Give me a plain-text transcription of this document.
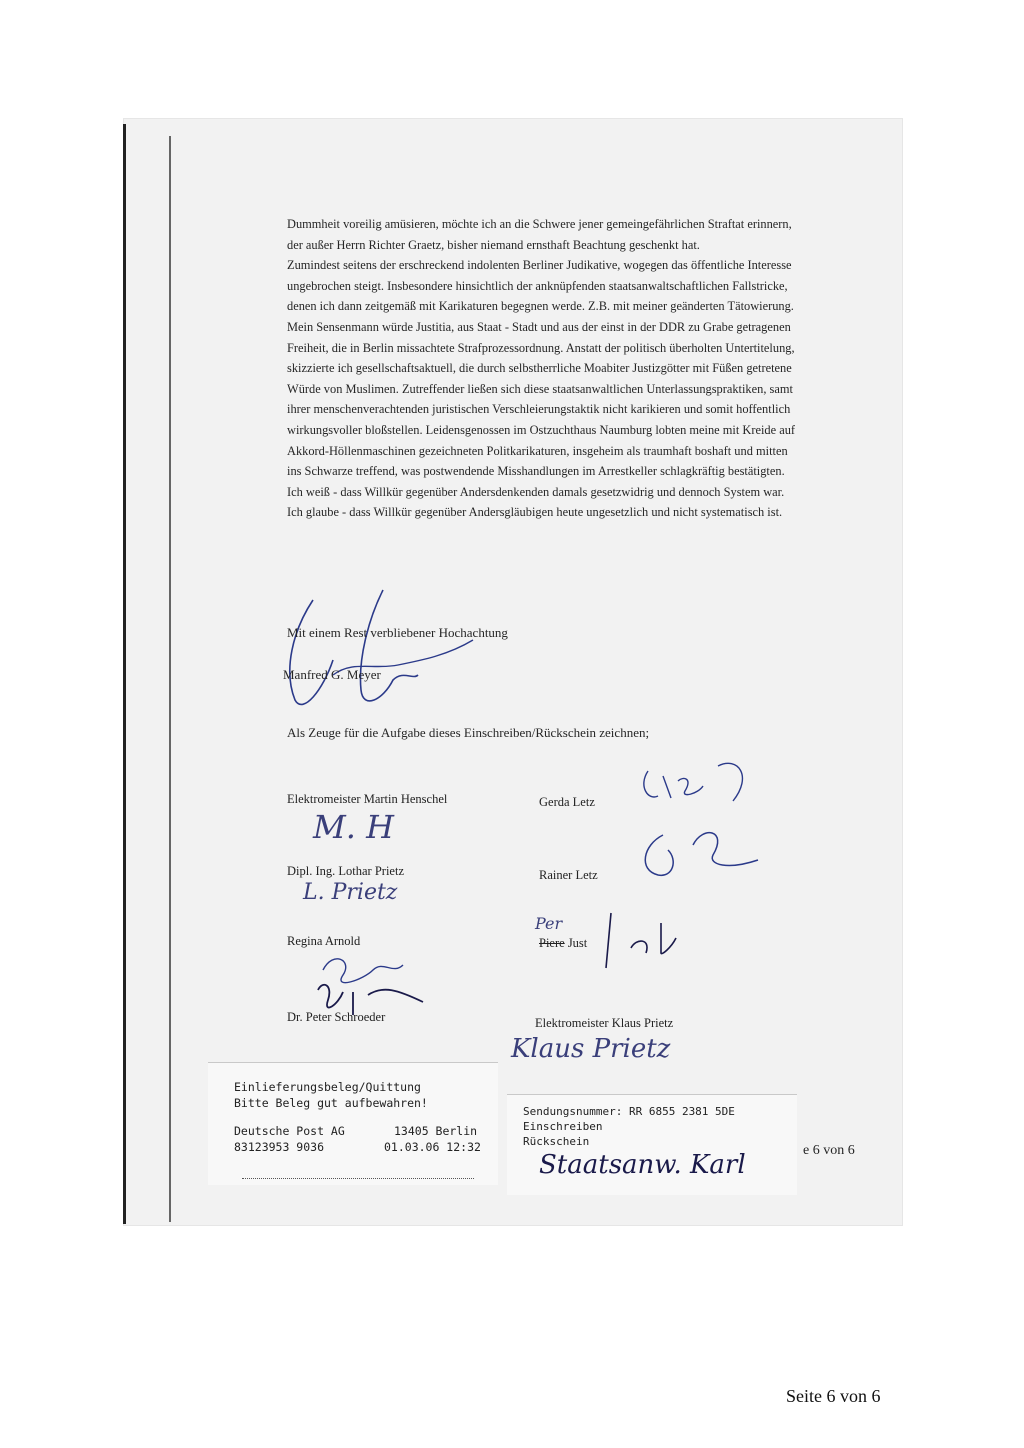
Dummheit voreilig amüsieren, möchte ich an die Schwere jener gemeingefährlichen Straftat erinnern,

der außer Herrn Richter Graetz, bisher niemand ernsthaft Beachtung geschenkt hat.

Zumindest seitens der erschreckend indolenten Berliner Judikative, wogegen das öffentliche Interesse

ungebrochen steigt. Insbesondere hinsichtlich der anknüpfenden staatsanwaltschaftlichen Fallstricke,

denen ich dann zeitgemäß mit Karikaturen begegnen werde. Z.B. mit meiner geänderten Tätowierung.

Mein Sensenmann würde Justitia, aus Staat - Stadt und aus der einst in der DDR zu Grabe getragenen

Freiheit, die in Berlin missachtete Strafprozessordnung. Anstatt der politisch überholten Untertitelung,

skizzierte ich gesellschaftsaktuell, die durch selbstherrliche Moabiter Justizgötter mit Füßen getretene

Würde von Muslimen. Zutreffender ließen sich diese staatsanwaltlichen Unterlassungspraktiken, samt

ihrer menschenverachtenden juristischen Verschleierungstaktik nicht karikieren und somit hoffentlich

wirkungsvoller bloßstellen. Leidensgenossen im Ostzuchthaus Naumburg lobten meine mit Kreide auf

Akkord-Höllenmaschinen gezeichneten Politkarikaturen, insgeheim als traumhaft boshaft und mitten

ins Schwarze treffend, was postwendende Misshandlungen im Arrestkeller schlagkräftig bestätigten.

Ich weiß - dass Willkür gegenüber Andersdenkenden damals gesetzwidrig und dennoch System war.

Ich glaube - dass Willkür gegenüber Andersgläubigen heute ungesetzlich und nicht systematisch ist.

Mit einem Rest verbliebener Hochachtung
Manfred G. Meyer
Als Zeuge für die Aufgabe dieses Einschreiben/Rückschein zeichnen;
Elektromeister Martin Henschel
M. H
Dipl. Ing. Lothar Prietz
L. Prietz
Regina Arnold
Dr. Peter Schroeder
Gerda Letz
Rainer Letz
Per
Piere Just
Elektromeister Klaus Prietz
Klaus Prietz
Einlieferungsbeleg/Quittung
Bitte Beleg gut aufbewahren!
Deutsche Post AG	13405 Berlin
83123953 9036	01.03.06 12:32
Sendungsnummer: RR 6855 2381 5DE
Einschreiben
Rückschein
Staatsanw. Karl	e 6 von 6
Seite 6 von 6
